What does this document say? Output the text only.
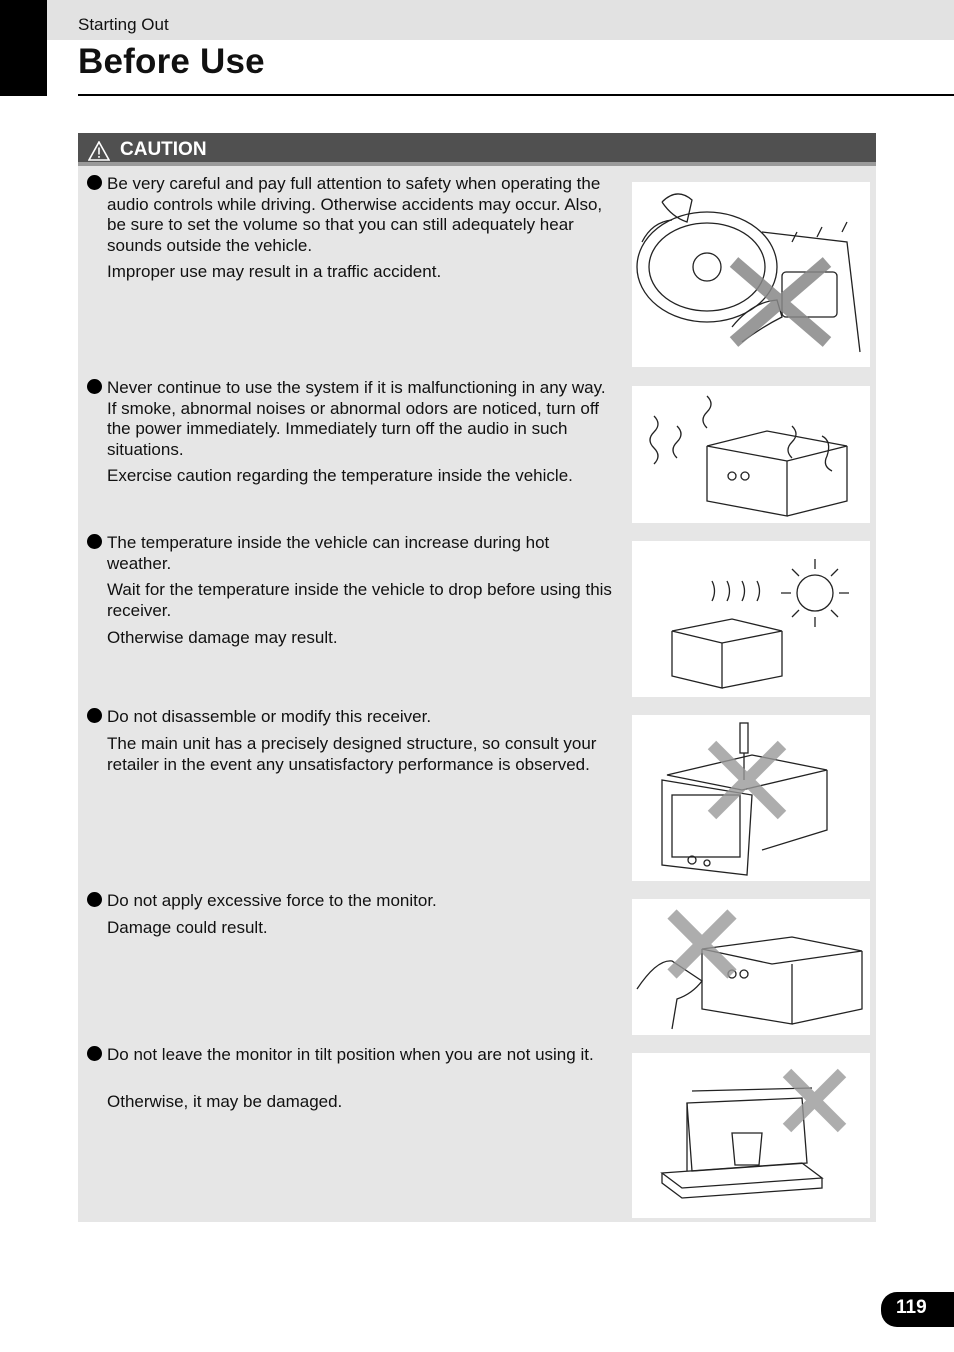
Starting Out
Before Use
CAUTION
Be very careful and pay full attention to safety when operating the audio controls while driving. Otherwise accidents may occur. Also, be sure to set the volume so that you can still adequately hear sounds outside the vehicle.
Improper use may result in a traffic accident.
Never continue to use the system if it is malfunctioning in any way. If smoke, abnormal noises or abnormal odors are noticed, turn off the power immediately. Immediately turn off the audio in such situations.
Exercise caution regarding the temperature inside the vehicle.
The temperature inside the vehicle can increase during hot weather.
Wait for the temperature inside the vehicle to drop before using this receiver.
Otherwise damage may result.
Do not disassemble or modify this receiver.
The main unit has a precisely designed structure, so consult your retailer in the event any unsatisfactory performance is observed.
Do not apply excessive force to the monitor.
Damage could result.
Do not leave the monitor in tilt position when you are not using it.
Otherwise, it may be damaged.
119
